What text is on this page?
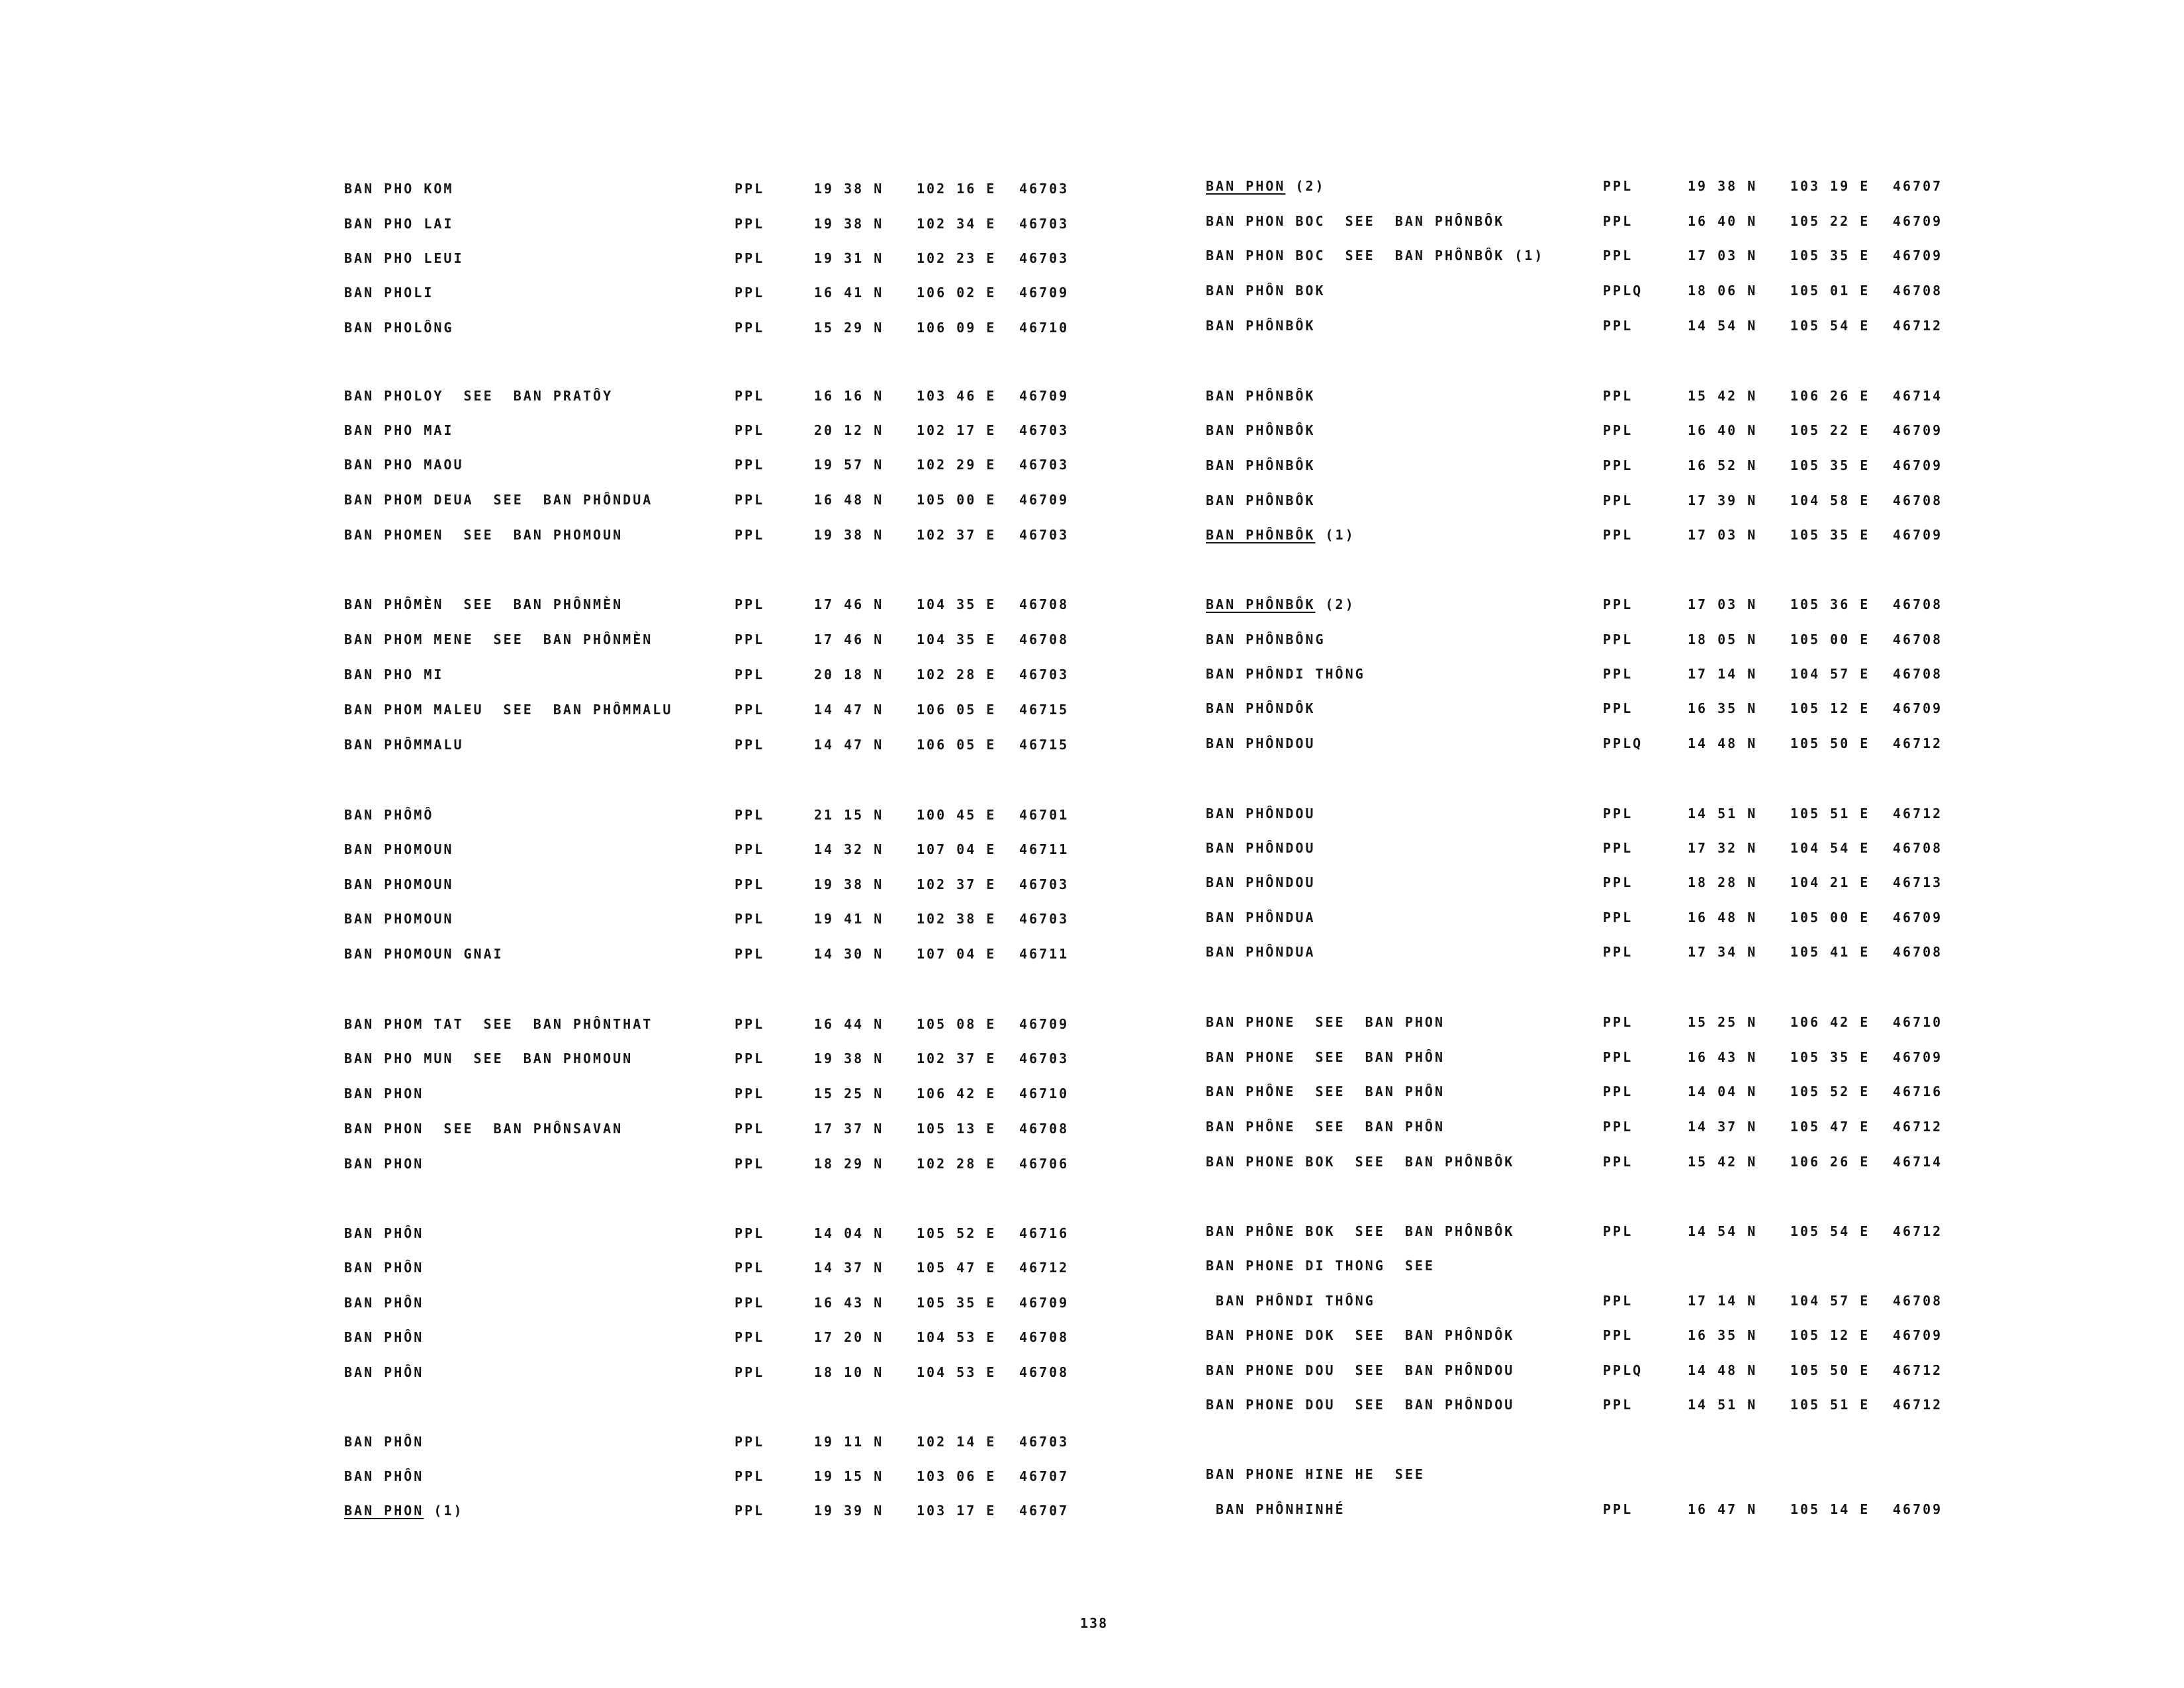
BAN PHO KOM	PPL	19 38 N 102 16 E 46703
BAN PHO LAI	PPL	19 38 N 102 34 E 46703
BAN PHO LEUI	PPL	19 31 N 102 23 E 46703
BAN PHOLI	PPL	16 41 N 106 02 E 46709
BAN PHOLÔNG	PPL	15 29 N 106 09 E 46710
BAN PHOLOY  SEE  BAN PRATÔY	PPL	16 16 N 103 46 E 46709
BAN PHO MAI	PPL	20 12 N 102 17 E 46703
BAN PHO MAOU	PPL	19 57 N 102 29 E 46703
BAN PHOM DEUA  SEE  BAN PHÔNDUA	PPL	16 48 N 105 00 E 46709
BAN PHOMEN  SEE  BAN PHOMOUN	PPL	19 38 N 102 37 E 46703
BAN PHÔMÈN  SEE  BAN PHÔNMÈN	PPL	17 46 N 104 35 E 46708
BAN PHOM MENE  SEE  BAN PHÔNMÈN	PPL	17 46 N 104 35 E 46708
BAN PHO MI	PPL	20 18 N 102 28 E 46703
BAN PHOM MALEU  SEE  BAN PHÔMMALU	PPL	14 47 N 106 05 E 46715
BAN PHÔMMALU	PPL	14 47 N 106 05 E 46715
BAN PHÔMÔ	PPL	21 15 N 100 45 E 46701
BAN PHOMOUN	PPL	14 32 N 107 04 E 46711
BAN PHOMOUN	PPL	19 38 N 102 37 E 46703
BAN PHOMOUN	PPL	19 41 N 102 38 E 46703
BAN PHOMOUN GNAI	PPL	14 30 N 107 04 E 46711
BAN PHOM TAT  SEE  BAN PHÔNTHAT	PPL	16 44 N 105 08 E 46709
BAN PHO MUN  SEE  BAN PHOMOUN	PPL	19 38 N 102 37 E 46703
BAN PHON	PPL	15 25 N 106 42 E 46710
BAN PHON  SEE  BAN PHÔNSAVAN	PPL	17 37 N 105 13 E 46708
BAN PHON	PPL	18 29 N 102 28 E 46706
BAN PHÔN	PPL	14 04 N 105 52 E 46716
BAN PHÔN	PPL	14 37 N 105 47 E 46712
BAN PHÔN	PPL	16 43 N 105 35 E 46709
BAN PHÔN	PPL	17 20 N 104 53 E 46708
BAN PHÔN	PPL	18 10 N 104 53 E 46708
BAN PHÔN	PPL	19 11 N 102 14 E 46703
BAN PHÔN	PPL	19 15 N 103 06 E 46707
BAN PHON (1)	PPL	19 39 N 103 17 E 46707
BAN PHON (2)	PPL	19 38 N 103 19 E 46707
BAN PHON BOC  SEE  BAN PHÔNBÔK	PPL	16 40 N 105 22 E 46709
BAN PHON BOC  SEE  BAN PHÔNBÔK (1)	PPL	17 03 N 105 35 E 46709
BAN PHÔN BOK	PPLQ	18 06 N 105 01 E 46708
BAN PHÔNBÔK	PPL	14 54 N 105 54 E 46712
BAN PHÔNBÔK	PPL	15 42 N 106 26 E 46714
BAN PHÔNBÔK	PPL	16 40 N 105 22 E 46709
BAN PHÔNBÔK	PPL	16 52 N 105 35 E 46709
BAN PHÔNBÔK	PPL	17 39 N 104 58 E 46708
BAN PHÔNBÔK (1)	PPL	17 03 N 105 35 E 46709
BAN PHÔNBÔK (2)	PPL	17 03 N 105 36 E 46708
BAN PHÔNBÔNG	PPL	18 05 N 105 00 E 46708
BAN PHÔNDI THÔNG	PPL	17 14 N 104 57 E 46708
BAN PHÔNDÔK	PPL	16 35 N 105 12 E 46709
BAN PHÔNDOU	PPLQ	14 48 N 105 50 E 46712
BAN PHÔNDOU	PPL	14 51 N 105 51 E 46712
BAN PHÔNDOU	PPL	17 32 N 104 54 E 46708
BAN PHÔNDOU	PPL	18 28 N 104 21 E 46713
BAN PHÔNDUA	PPL	16 48 N 105 00 E 46709
BAN PHÔNDUA	PPL	17 34 N 105 41 E 46708
BAN PHONE  SEE  BAN PHON	PPL	15 25 N 106 42 E 46710
BAN PHONE  SEE  BAN PHÔN	PPL	16 43 N 105 35 E 46709
BAN PHÔNE  SEE  BAN PHÔN	PPL	14 04 N 105 52 E 46716
BAN PHÔNE  SEE  BAN PHÔN	PPL	14 37 N 105 47 E 46712
BAN PHONE BOK  SEE  BAN PHÔNBÔK	PPL	15 42 N 106 26 E 46714
BAN PHÔNE BOK  SEE  BAN PHÔNBÔK	PPL	14 54 N 105 54 E 46712
BAN PHONE DI THONG  SEE
BAN PHÔNDI THÔNG	PPL	17 14 N 104 57 E 46708
BAN PHONE DOK  SEE  BAN PHÔNDÔK	PPL	16 35 N 105 12 E 46709
BAN PHONE DOU  SEE  BAN PHÔNDOU	PPLQ	14 48 N 105 50 E 46712
BAN PHONE DOU  SEE  BAN PHÔNDOU	PPL	14 51 N 105 51 E 46712
BAN PHONE HINE HE  SEE
BAN PHÔNHINHÉ	PPL	16 47 N 105 14 E 46709
138
